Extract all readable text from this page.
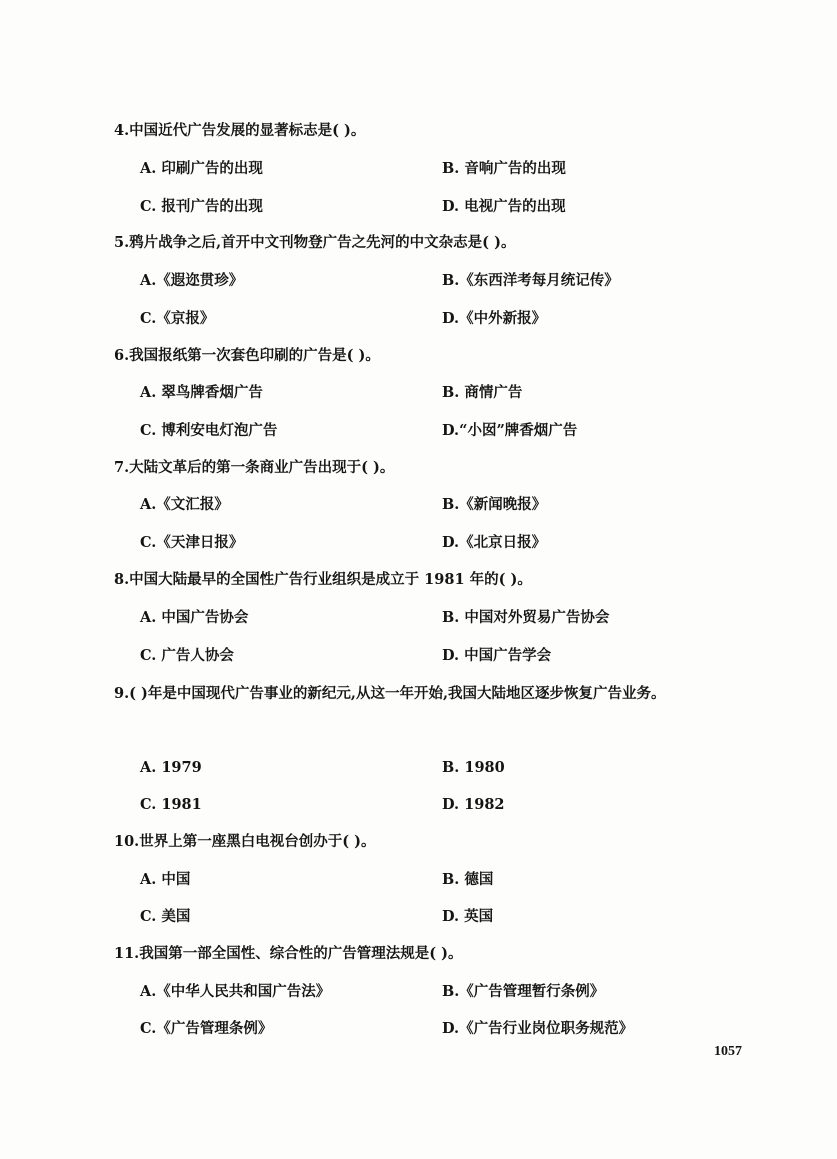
4.中国近代广告发展的显著标志是( )。
A. 印刷广告的出现	B. 音响广告的出现
C. 报刊广告的出现	D. 电视广告的出现
5.鸦片战争之后,首开中文刊物登广告之先河的中文杂志是( )。
A.《遐迩贯珍》	B.《东西洋考每月统记传》
C.《京报》	D.《中外新报》
6.我国报纸第一次套色印刷的广告是( )。
A. 翠鸟牌香烟广告	B. 商情广告
C. 博利安电灯泡广告	D.“小囡”牌香烟广告
7.大陆文革后的第一条商业广告出现于( )。
A.《文汇报》	B.《新闻晚报》
C.《天津日报》	D.《北京日报》
8.中国大陆最早的全国性广告行业组织是成立于 1981 年的( )。
A. 中国广告协会	B. 中国对外贸易广告协会
C. 广告人协会	D. 中国广告学会
9.( )年是中国现代广告事业的新纪元,从这一年开始,我国大陆地区逐步恢复广告业务。
A. 1979	B. 1980
C. 1981	D. 1982
10.世界上第一座黑白电视台创办于( )。
A. 中国	B. 德国
C. 美国	D. 英国
11.我国第一部全国性、综合性的广告管理法规是( )。
A.《中华人民共和国广告法》	B.《广告管理暂行条例》
C.《广告管理条例》	D.《广告行业岗位职务规范》
1057
